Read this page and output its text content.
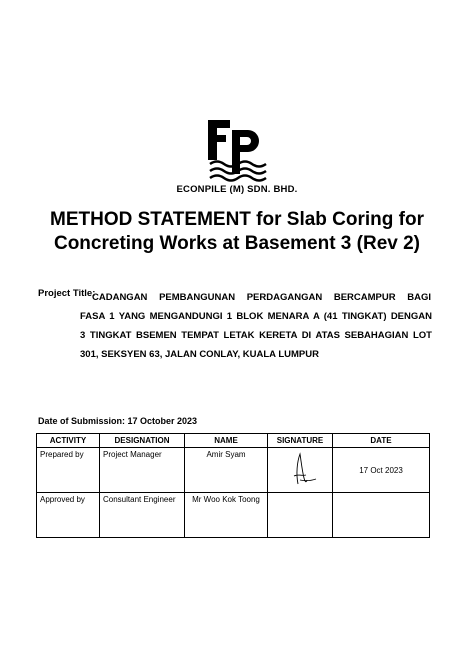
ECONPILE (M) SDN. BHD.
METHOD STATEMENT for Slab Coring for
Concreting Works at Basement 3 (Rev 2)
Project Title:
CADANGAN PEMBANGUNAN PERDAGANGAN BERCAMPUR BAGI
FASA 1 YANG MENGANDUNGI 1 BLOK MENARA A (41 TINGKAT) DENGAN
3 TINGKAT BSEMEN TEMPAT LETAK KERETA DI ATAS SEBAHAGIAN LOT
301, SEKSYEN 63, JALAN CONLAY, KUALA LUMPUR
Date of Submission: 17 October 2023
ACTIVITY	DESIGNATION	NAME	SIGNATURE	DATE
Prepared by	Project Manager	Amir Syam		17 Oct 2023
Approved by	Consultant Engineer	Mr Woo Kok Toong		
